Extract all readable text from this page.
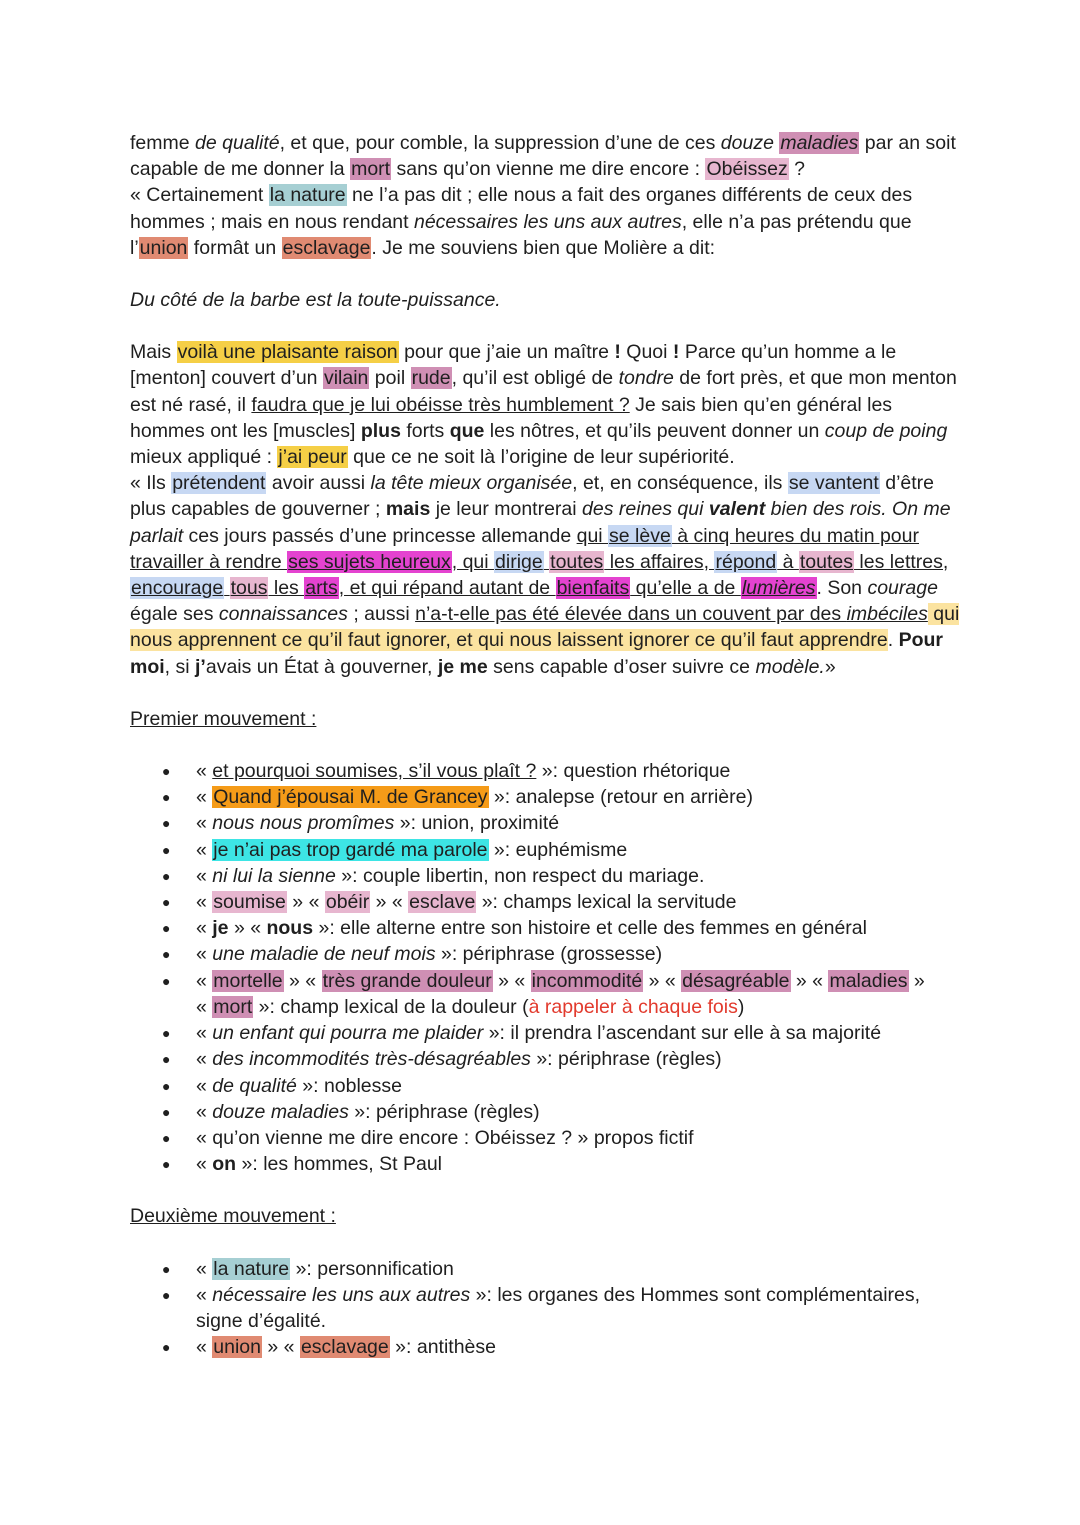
femme de qualité, et que, pour comble, la suppression d’une de ces douze maladies par an soit capable de me donner la mort sans qu’on vienne me dire encore : Obéissez ?
« Certainement la nature ne l’a pas dit ; elle nous a fait des organes différents de ceux des hommes ; mais en nous rendant nécessaires les uns aux autres, elle n’a pas prétendu que l’union formât un esclavage. Je me souviens bien que Molière a dit:

Du côté de la barbe est la toute-puissance.

Mais voilà une plaisante raison pour que j’aie un maître ! Quoi ! Parce qu’un homme a le [menton] couvert d’un vilain poil rude, qu’il est obligé de tondre de fort près, et que mon menton est né rasé, il faudra que je lui obéisse très humblement ? Je sais bien qu’en général les hommes ont les [muscles] plus forts que les nôtres, et qu’ils peuvent donner un coup de poing mieux appliqué : j’ai peur que ce ne soit là l’origine de leur supériorité.
« Ils prétendent avoir aussi la tête mieux organisée, et, en conséquence, ils se vantent d’être plus capables de gouverner ; mais je leur montrerai des reines qui valent bien des rois. On me parlait ces jours passés d’une princesse allemande qui se lève à cinq heures du matin pour travailler à rendre ses sujets heureux, qui dirige toutes les affaires, répond à toutes les lettres, encourage tous les arts, et qui répand autant de bienfaits qu’elle a de lumières. Son courage égale ses connaissances ; aussi n’a-t-elle pas été élevée dans un couvent par des imbéciles qui nous apprennent ce qu’il faut ignorer, et qui nous laissent ignorer ce qu’il faut apprendre. Pour moi, si j’avais un État à gouverner, je me sens capable d’oser suivre ce modèle.»

Premier mouvement :

● « et pourquoi soumises, s’il vous plaît ? »: question rhétorique
● « Quand j’épousai M. de Grancey »: analepse (retour en arrière)
● « nous nous promîmes »: union, proximité
● « je n’ai pas trop gardé ma parole »: euphémisme
● « ni lui la sienne »: couple libertin, non respect du mariage.
● « soumise » « obéir » « esclave »: champs lexical la servitude
● « je » « nous »: elle alterne entre son histoire et celle des femmes en général
● « une maladie de neuf mois »: périphrase (grossesse)
● « mortelle » « très grande douleur » « incommodité » « désagréable » « maladies »
« mort »: champ lexical de la douleur (à rappeler à chaque fois)
● « un enfant qui pourra me plaider »: il prendra l’ascendant sur elle à sa majorité
● « des incommodités très-désagréables »: périphrase (règles)
● « de qualité »: noblesse
● « douze maladies »: périphrase (règles)
● « qu’on vienne me dire encore : Obéissez ? » propos fictif
● « on »: les hommes, St Paul

Deuxième mouvement :

● « la nature »: personnification
● « nécessaire les uns aux autres »: les organes des Hommes sont complémentaires, signe d’égalité.
● « union » « esclavage »: antithèse
